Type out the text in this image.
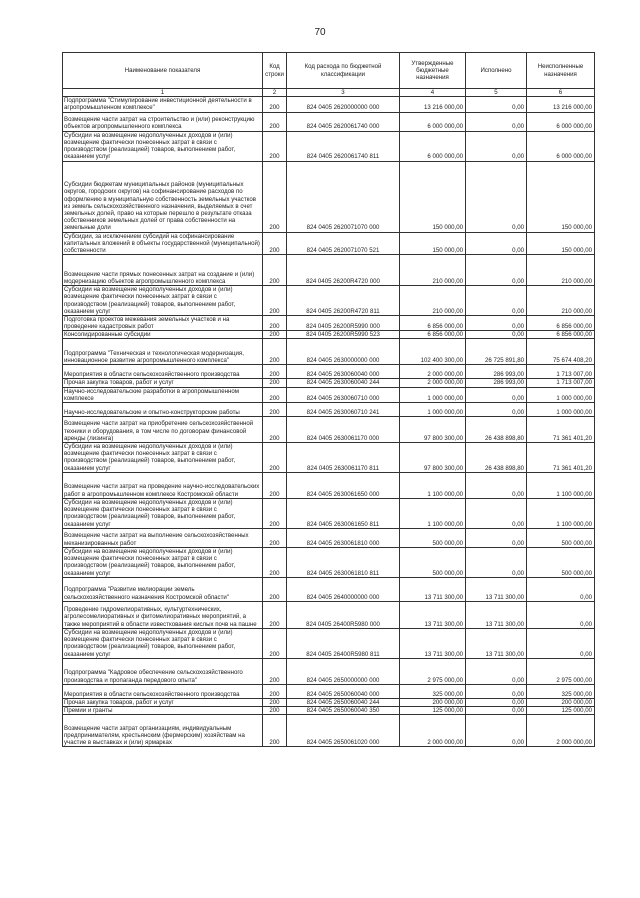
70
Наименование показателя	Код строки	Код расхода по бюджетной классификации	Утвержденные бюджетные назначения	Исполнено	Неисполненные назначения
1	2	3	4	5	6
Подпрограмма "Стимулирование инвестиционной деятельности в агропромышленном комплексе"	200	824 0405 2620000000 000	13 216 000,00	0,00	13 216 000,00
Возмещение части затрат на строительство и (или) реконструкцию объектов агропромышленного комплекса	200	824 0405 2620061740 000	6 000 000,00	0,00	6 000 000,00
Субсидии на возмещение недополученных доходов и (или) возмещение фактически понесенных затрат в связи с производством (реализацией) товаров, выполнением работ, оказанием услуг	200	824 0405 2620061740 811	6 000 000,00	0,00	6 000 000,00
Субсидии бюджетам муниципальных районов (муниципальных округов, городских округов) на софинансирование расходов по оформлению в муниципальную собственность земельных участков из земель сельскохозяйственного назначения, выделяемых в счет земельных долей, право на которые перешло в результате отказа собственников земельных долей от права собственности на земельные доли	200	824 0405 2620071070 000	150 000,00	0,00	150 000,00
Субсидии, за исключением субсидий на софинансирование капитальных вложений в объекты государственной (муниципальной) собственности	200	824 0405 2620071070 521	150 000,00	0,00	150 000,00
Возмещение части прямых понесенных затрат на создание и (или) модернизацию объектов агропромышленного комплекса	200	824 0405 26200R4720 000	210 000,00	0,00	210 000,00
Субсидии на возмещение недополученных доходов и (или) возмещение фактически понесенных затрат в связи с производством (реализацией) товаров, выполнением работ, оказанием услуг	200	824 0405 26200R4720 811	210 000,00	0,00	210 000,00
Подготовка проектов межевания земельных участков и на проведение кадастровых работ	200	824 0405 26200R5990 000	6 856 000,00	0,00	6 856 000,00
Консолидированные субсидии	200	824 0405 26200R5990 523	6 856 000,00	0,00	6 856 000,00
Подпрограмма "Техническая и технологическая модернизация, инновационное развитие агропромышленного комплекса"	200	824 0405 2630000000 000	102 400 300,00	26 725 891,80	75 674 408,20
Мероприятия в области сельскохозяйственного производства	200	824 0405 2630060040 000	2 000 000,00	286 993,00	1 713 007,00
Прочая закупка товаров, работ и услуг	200	824 0405 2630060040 244	2 000 000,00	286 993,00	1 713 007,00
Научно-исследовательские разработки в агропромышленном комплексе	200	824 0405 2630060710 000	1 000 000,00	0,00	1 000 000,00
Научно-исследовательские и опытно-конструкторские работы	200	824 0405 2630060710 241	1 000 000,00	0,00	1 000 000,00
Возмещение части затрат на приобретение сельскохозяйственной техники и оборудования, в том числе по договорам финансовой аренды (лизинга)	200	824 0405 2630061170 000	97 800 300,00	26 438 898,80	71 361 401,20
Субсидии на возмещение недополученных доходов и (или) возмещение фактически понесенных затрат в связи с производством (реализацией) товаров, выполнением работ, оказанием услуг	200	824 0405 2630061170 811	97 800 300,00	26 438 898,80	71 361 401,20
Возмещение части затрат на проведение научно-исследовательских работ в агропромышленном комплексе Костромской области	200	824 0405 2630061650 000	1 100 000,00	0,00	1 100 000,00
Субсидии на возмещение недополученных доходов и (или) возмещение фактически понесенных затрат в связи с производством (реализацией) товаров, выполнением работ, оказанием услуг	200	824 0405 2630061650 811	1 100 000,00	0,00	1 100 000,00
Возмещение части затрат на выполнение сельскохозяйственных механизированных работ	200	824 0405 2630061810 000	500 000,00	0,00	500 000,00
Субсидии на возмещение недополученных доходов и (или) возмещение фактически понесенных затрат в связи с производством (реализацией) товаров, выполнением работ, оказанием услуг	200	824 0405 2630061810 811	500 000,00	0,00	500 000,00
Подпрограмма "Развитие мелиорации земель сельскохозяйственного назначения Костромской области"	200	824 0405 2640000000 000	13 711 300,00	13 711 300,00	0,00
Проведение гидромелиоративных, культуртехнических, агролесомелиоративных и фитомелиоративных мероприятий, а также мероприятий в области известкования кислых почв на пашне	200	824 0405 26400R5980 000	13 711 300,00	13 711 300,00	0,00
Субсидии на возмещение недополученных доходов и (или) возмещение фактически понесенных затрат в связи с производством (реализацией) товаров, выполнением работ, оказанием услуг	200	824 0405 26400R5980 811	13 711 300,00	13 711 300,00	0,00
Подпрограмма "Кадровое обеспечение сельскохозяйственного производства и пропаганда передового опыта"	200	824 0405 2650000000 000	2 975 000,00	0,00	2 975 000,00
Мероприятия в области сельскохозяйственного производства	200	824 0405 2650060040 000	325 000,00	0,00	325 000,00
Прочая закупка товаров, работ и услуг	200	824 0405 2650060040 244	200 000,00	0,00	200 000,00
Премии и гранты	200	824 0405 2650060040 350	125 000,00	0,00	125 000,00
Возмещение части затрат организациям, индивидуальным предпринимателям, крестьянским (фермерским) хозяйствам на участие в выставках и (или) ярмарках	200	824 0405 2650061020 000	2 000 000,00	0,00	2 000 000,00
